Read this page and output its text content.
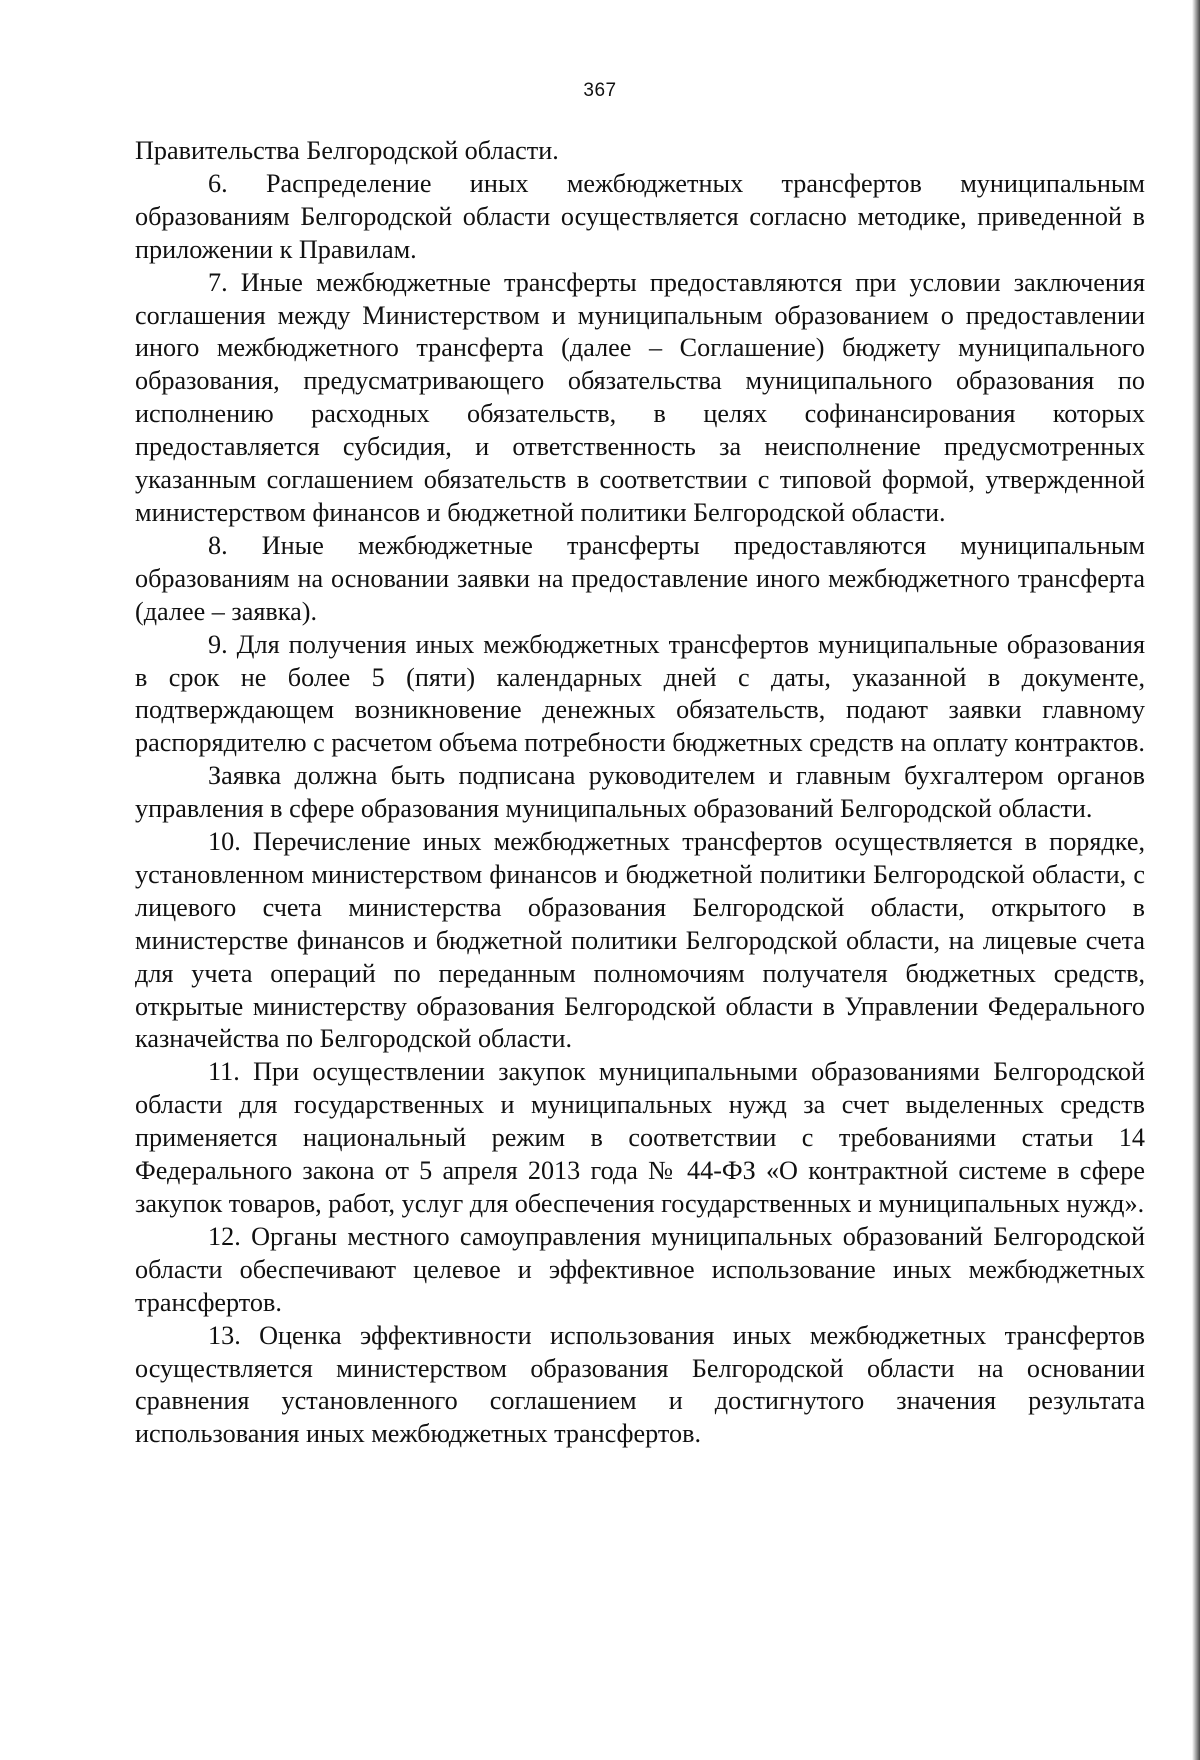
367

Правительства Белгородской области.

6. Распределение иных межбюджетных трансфертов муниципальным образованиям Белгородской области осуществляется согласно методике, приведенной в приложении к Правилам.

7. Иные межбюджетные трансферты предоставляются при условии заключения соглашения между Министерством и муниципальным образованием о предоставлении иного межбюджетного трансферта (далее – Соглашение) бюджету муниципального образования, предусматривающего обязательства муниципального образования по исполнению расходных обязательств, в целях софинансирования которых предоставляется субсидия, и ответственность за неисполнение предусмотренных указанным соглашением обязательств в соответствии с типовой формой, утвержденной министерством финансов и бюджетной политики Белгородской области.

8. Иные межбюджетные трансферты предоставляются муниципальным образованиям на основании заявки на предоставление иного межбюджетного трансферта (далее – заявка).

9. Для получения иных межбюджетных трансфертов муниципальные образования в срок не более 5 (пяти) календарных дней с даты, указанной в документе, подтверждающем возникновение денежных обязательств, подают заявки главному распорядителю с расчетом объема потребности бюджетных средств на оплату контрактов.

Заявка должна быть подписана руководителем и главным бухгалтером органов управления в сфере образования муниципальных образований Белгородской области.

10. Перечисление иных межбюджетных трансфертов осуществляется в порядке, установленном министерством финансов и бюджетной политики Белгородской области, с лицевого счета министерства образования Белгородской области, открытого в министерстве финансов и бюджетной политики Белгородской области, на лицевые счета для учета операций по переданным полномочиям получателя бюджетных средств, открытые министерству образования Белгородской области в Управлении Федерального казначейства по Белгородской области.

11. При осуществлении закупок муниципальными образованиями Белгородской области для государственных и муниципальных нужд за счет выделенных средств применяется национальный режим в соответствии с требованиями статьи 14 Федерального закона от 5 апреля 2013 года № 44-ФЗ «О контрактной системе в сфере закупок товаров, работ, услуг для обеспечения государственных и муниципальных нужд».

12. Органы местного самоуправления муниципальных образований Белгородской области обеспечивают целевое и эффективное использование иных межбюджетных трансфертов.

13. Оценка эффективности использования иных межбюджетных трансфертов осуществляется министерством образования Белгородской области на основании сравнения установленного соглашением и достигнутого значения результата использования иных межбюджетных трансфертов.
